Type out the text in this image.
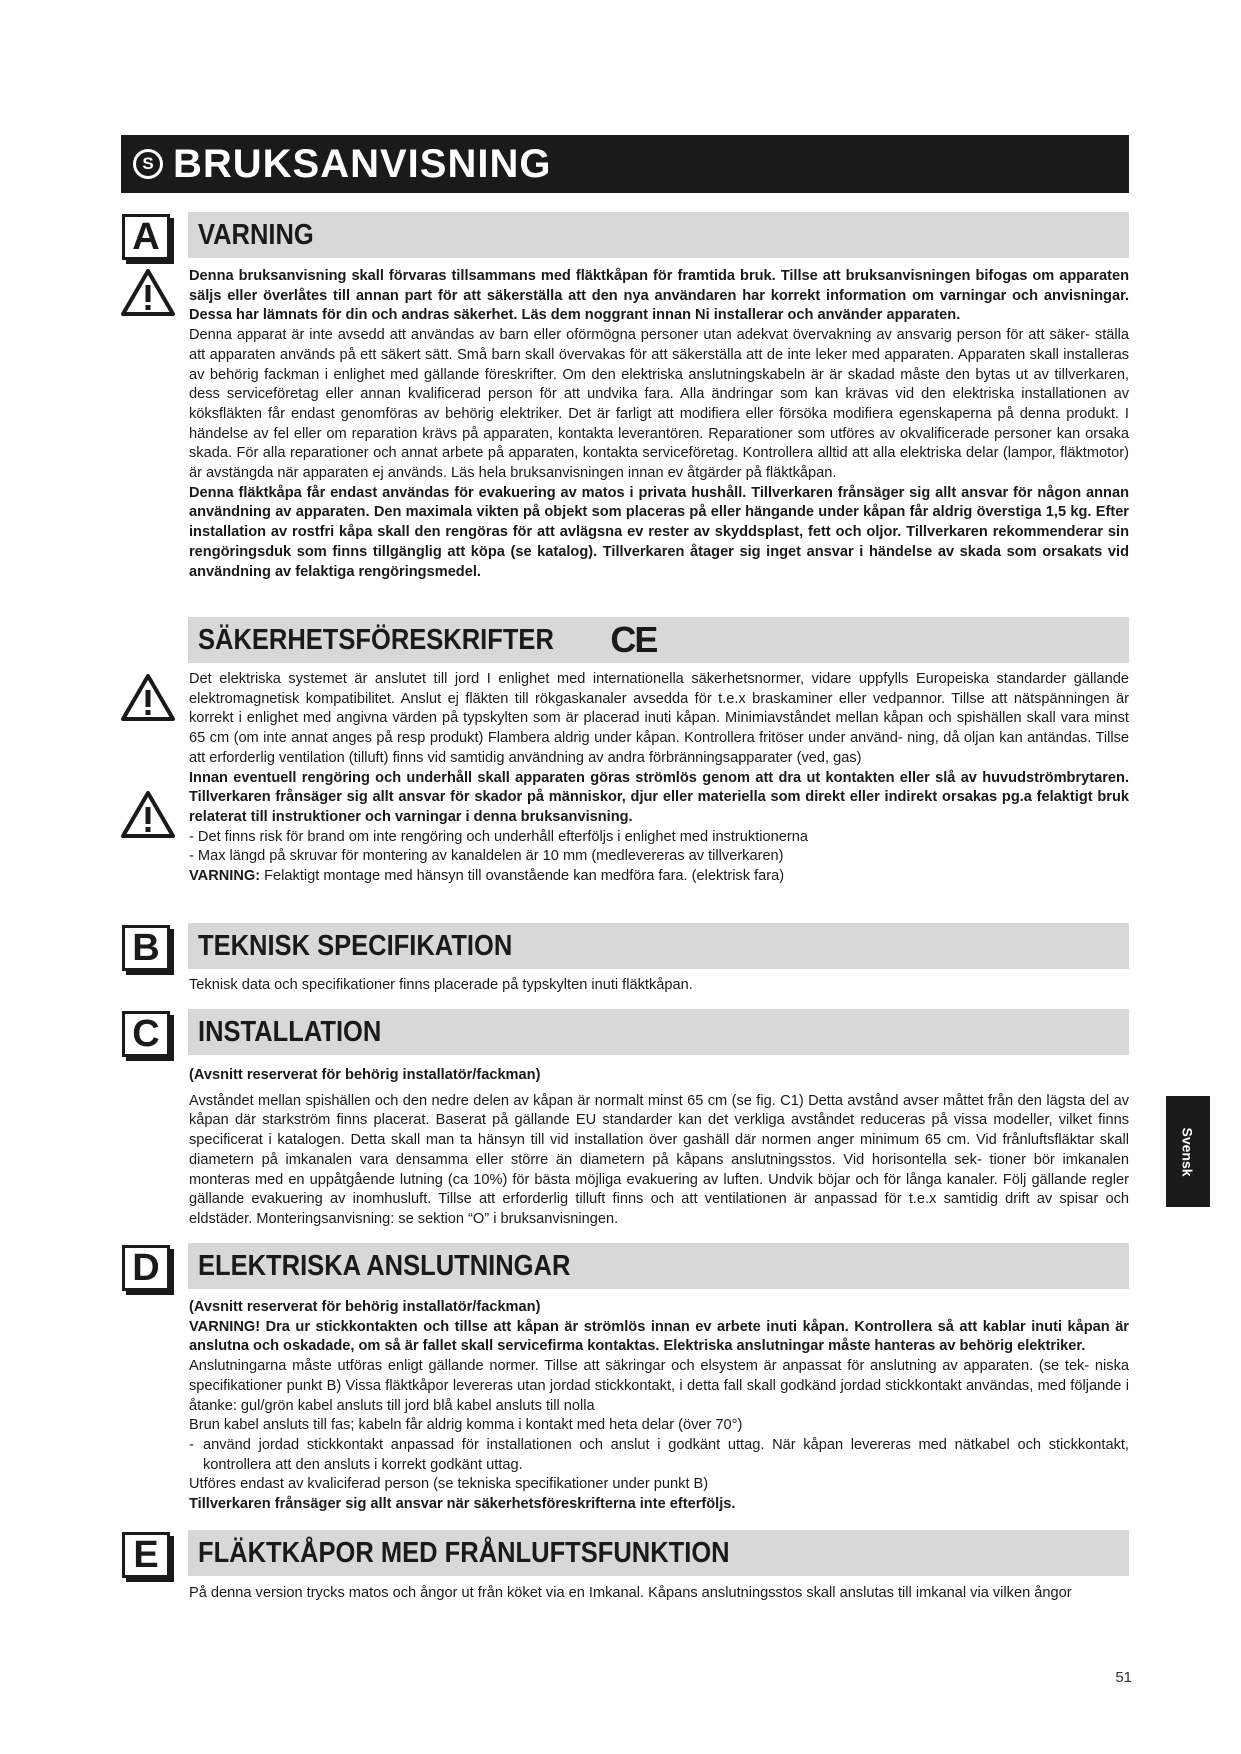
S BRUKSANVISNING
A	VARNING

Denna bruksanvisning skall förvaras tillsammans med fläktkåpan för framtida bruk. Tillse att bruksanvisningen bifogas om apparaten säljs eller överlåtes till annan part för att säkerställa att den nya användaren har korrekt information om varningar och anvisningar. Dessa har lämnats för din och andras säkerhet. Läs dem noggrant innan Ni installerar och använder apparaten.

Denna apparat är inte avsedd att användas av barn eller oförmögna personer utan adekvat övervakning av ansvarig person för att säker- ställa att apparaten används på ett säkert sätt. Små barn skall övervakas för att säkerställa att de inte leker med apparaten. Apparaten skall installeras av behörig fackman i enlighet med gällande föreskrifter. Om den elektriska anslutningskabeln är är skadad måste den bytas ut av tillverkaren, dess serviceföretag eller annan kvalificerad person för att undvika fara. Alla ändringar som kan krävas vid den elektriska installationen av köksfläkten får endast genomföras av behörig elektriker. Det är farligt att modifiera eller försöka modifiera egenskaperna på denna produkt. I händelse av fel eller om reparation krävs på apparaten, kontakta leverantören. Reparationer som utföres av okvalificerade personer kan orsaka skada. För alla reparationer och annat arbete på apparaten, kontakta serviceföretag. Kontrollera alltid att alla elektriska delar (lampor, fläktmotor) är avstängda när apparaten ej används. Läs hela bruksanvisningen innan ev åtgärder på fläktkåpan.

Denna fläktkåpa får endast användas för evakuering av matos i privata hushåll. Tillverkaren frånsäger sig allt ansvar för någon annan användning av apparaten. Den maximala vikten på objekt som placeras på eller hängande under kåpan får aldrig överstiga 1,5 kg. Efter installation av rostfri kåpa skall den rengöras för att avlägsna ev rester av skyddsplast, fett och oljor. Tillverkaren rekommenderar sin rengöringsduk som finns tillgänglig att köpa (se katalog). Tillverkaren åtager sig inget ansvar i händelse av skada som orsakats vid användning av felaktiga rengöringsmedel.

SÄKERHETSFÖRESKRIFTER CE

Det elektriska systemet är anslutet till jord I enlighet med internationella säkerhetsnormer, vidare uppfylls Europeiska standarder gällande elektromagnetisk kompatibilitet. Anslut ej fläkten till rökgaskanaler avsedda för t.e.x braskaminer eller vedpannor. Tillse att nätspänningen är korrekt i enlighet med angivna värden på typskylten som är placerad inuti kåpan. Minimiavståndet mellan kåpan och spishällen skall vara minst 65 cm (om inte annat anges på resp produkt) Flambera aldrig under kåpan. Kontrollera fritöser under använd- ning, då oljan kan antändas. Tillse att erforderlig ventilation (tilluft) finns vid samtidig användning av andra förbränningsapparater (ved, gas)

Innan eventuell rengöring och underhåll skall apparaten göras strömlös genom att dra ut kontakten eller slå av huvudströmbrytaren. Tillverkaren frånsäger sig allt ansvar för skador på människor, djur eller materiella som direkt eller indirekt orsakas pg.a felaktigt bruk relaterat till instruktioner och varningar i denna bruksanvisning.

- Det finns risk för brand om inte rengöring och underhåll efterföljs i enlighet med instruktionerna

- Max längd på skruvar för montering av kanaldelen är 10 mm (medlevereras av tillverkaren)

VARNING: Felaktigt montage med hänsyn till ovanstående kan medföra fara. (elektrisk fara)

B	TEKNISK SPECIFIKATION

Teknisk data och specifikationer finns placerade på typskylten inuti fläktkåpan.

C	INSTALLATION

(Avsnitt reserverat för behörig installatör/fackman)

Avståndet mellan spishällen och den nedre delen av kåpan är normalt minst 65 cm (se fig. C1) Detta avstånd avser måttet från den lägsta del av kåpan där starkström finns placerat. Baserat på gällande EU standarder kan det verkliga avståndet reduceras på vissa modeller, vilket finns specificerat i katalogen. Detta skall man ta hänsyn till vid installation över gashäll där normen anger minimum 65 cm. Vid frånluftsfläktar skall diametern på imkanalen vara densamma eller större än diametern på kåpans anslutningsstos. Vid horisontella sek- tioner bör imkanalen monteras med en uppåtgående lutning (ca 10%) för bästa möjliga evakuering av luften. Undvik böjar och för långa kanaler. Följ gällande regler gällande evakuering av inomhusluft. Tillse att erforderlig tilluft finns och att ventilationen är anpassad för t.e.x samtidig drift av spisar och eldstäder. Monteringsanvisning: se sektion “O” i bruksanvisningen.

D	ELEKTRISKA ANSLUTNINGAR

(Avsnitt reserverat för behörig installatör/fackman)

VARNING! Dra ur stickkontakten och tillse att kåpan är strömlös innan ev arbete inuti kåpan. Kontrollera så att kablar inuti kåpan är anslutna och oskadade, om så är fallet skall servicefirma kontaktas. Elektriska anslutningar måste hanteras av behörig elektriker.

Anslutningarna måste utföras enligt gällande normer. Tillse att säkringar och elsystem är anpassat för anslutning av apparaten. (se tek- niska specifikationer punkt B) Vissa fläktkåpor levereras utan jordad stickkontakt, i detta fall skall godkänd jordad stickkontakt användas, med följande i åtanke: gul/grön kabel ansluts till jord blå kabel ansluts till nolla

Brun kabel ansluts till fas; kabeln får aldrig komma i kontakt med heta delar (över 70°)

- använd jordad stickkontakt anpassad för installationen och anslut i godkänt uttag. När kåpan levereras med nätkabel och stickkontakt, kontrollera att den ansluts i korrekt godkänt uttag.

Utföres endast av kvaliciferad person (se tekniska specifikationer under punkt B)

Tillverkaren frånsäger sig allt ansvar när säkerhetsföreskrifterna inte efterföljs.

E	FLÄKTKÅPOR MED FRÅNLUFTSFUNKTION

På denna version trycks matos och ångor ut från köket via en Imkanal. Kåpans anslutningsstos skall anslutas till imkanal via vilken ångor

Svensk
51
